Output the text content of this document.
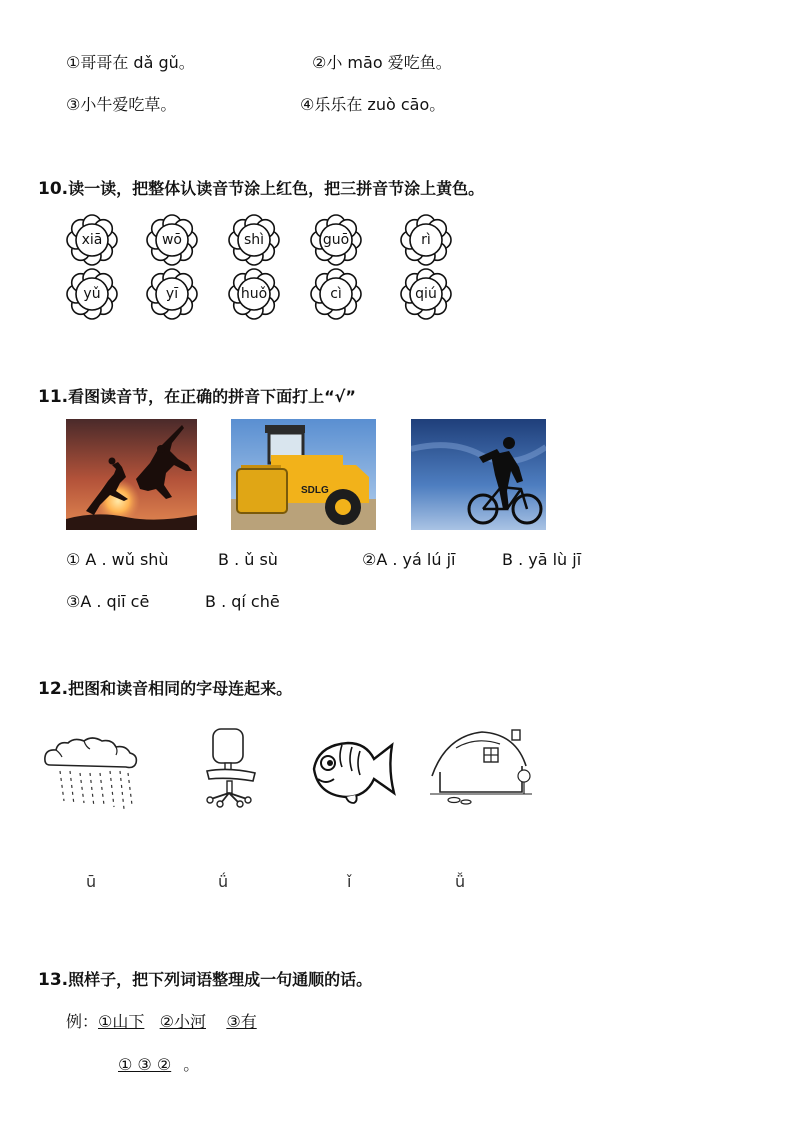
①哥哥在 dǎ gǔ。	②小 māo 爱吃鱼。
③小牛爱吃草。	④乐乐在 zuò cāo。
10.读一读，把整体认读音节涂上红色，把三拼音节涂上黄色。
xiā	wō	shì	guō	rì
yǔ	yī	huǒ	cì	qiú
11.看图读音节，在正确的拼音下面打上“√”
SDLG
① A . wǔ shù	B . ǔ sù	②A . yá lú jī	B . yā lù jī
③A . qiī cē	B . qí chē
12.把图和读音相同的字母连起来。
ū	ǘ	ǐ	ǚ
13.照样子，把下列词语整理成一句通顺的话。
例：①山下 ②小河 ③有
① ③ ② 。
